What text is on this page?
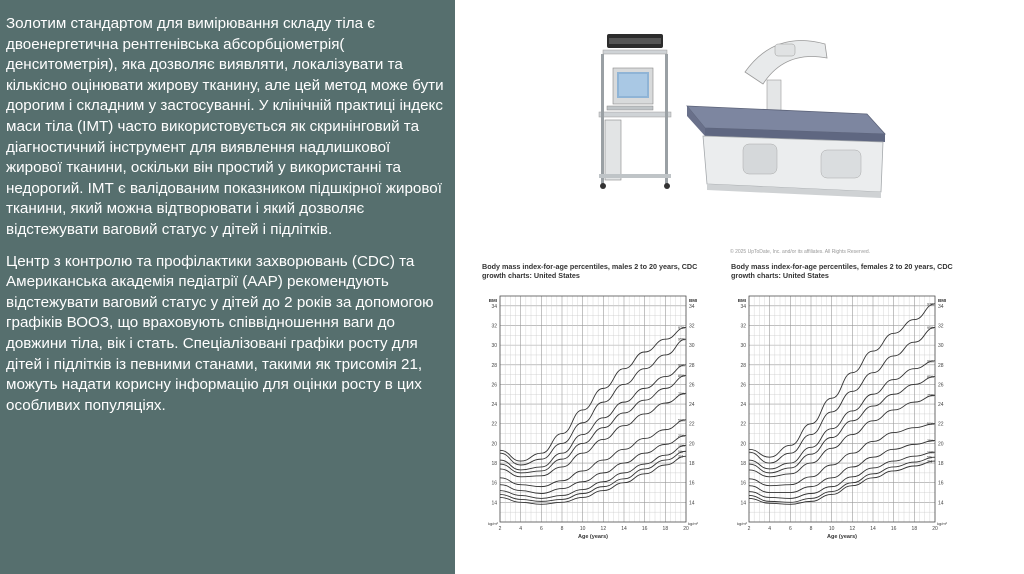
Золотим стандартом для вимірювання складу тіла є двоенергетична рентгенівська абсорбціометрія( денситометрія), яка дозволяє виявляти, локалізувати та кількісно оцінювати жирову тканину, але цей метод може бути дорогим і складним у застосуванні. У клінічній практиці індекс маси тіла (ІМТ) часто використовується як скринінговий та діагностичний інструмент для виявлення надлишкової жирової тканини, оскільки він простий у використанні та недорогий. ІМТ є валідованим показником підшкірної жирової тканини, який можна відтворювати і який дозволяє відстежувати ваговий статус у дітей і підлітків.

Центр з контролю та профілактики захворювань (CDC) та Американська академія педіатрії (AAP) рекомендують відстежувати ваговий статус у дітей до 2 років за допомогою графіків ВООЗ, що враховують співвідношення ваги до довжини тіла, вік і стать. Спеціалізовані графіки росту для дітей і підлітків із певними станами, такими як трисомія 21, можуть надати корисну інформацію для оцінки росту в цих особливих популяціях.

© 2025 UpToDate, Inc. and/or its affiliates. All Rights Reserved.
Body mass index-for-age percentiles, males 2 to 20 years, CDC growth charts: United States
14	14
16	16
18	18
20	20
22	22
24	24
26	26
28	28
30	30
32	32
34	34
2	4	6	8	10	12	14	16	18	20
Age (years)
BMI	BMI
kg/m²	kg/m²
97th
95th
90th
85th
75th
50th
25th
10th
5th
3rd
Body mass index-for-age percentiles, females 2 to 20 years, CDC growth charts: United States
14	14
16	16
18	18
20	20
22	22
24	24
26	26
28	28
30	30
32	32
34	34
2	4	6	8	10	12	14	16	18	20
Age (years)
BMI	BMI
kg/m²	kg/m²
97th
95th
90th
85th
75th
50th
25th
10th
5th
3rd
